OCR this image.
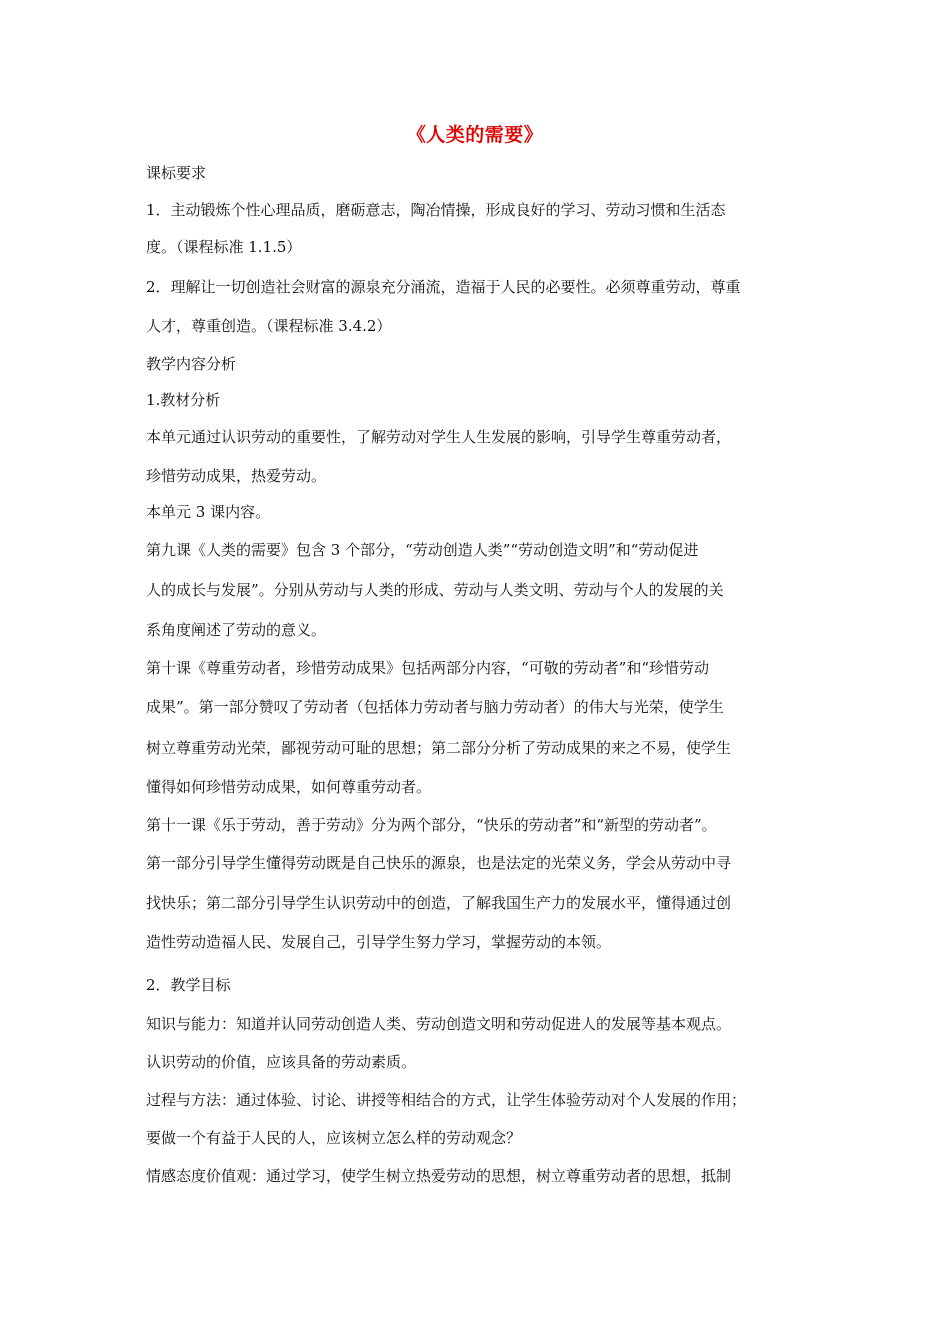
《人类的需要》
课标要求
1．主动锻炼个性心理品质，磨砺意志，陶冶情操，形成良好的学习、劳动习惯和生活态
度。（课程标准 1.1.5）
2．理解让一切创造社会财富的源泉充分涌流，造福于人民的必要性。必须尊重劳动，尊重
人才，尊重创造。（课程标准 3.4.2）
教学内容分析
1.教材分析
本单元通过认识劳动的重要性，了解劳动对学生人生发展的影响，引导学生尊重劳动者，
珍惜劳动成果，热爱劳动。
本单元 3 课内容。
第九课《人类的需要》包含 3 个部分，“劳动创造人类”“劳动创造文明”和“劳动促进
人的成长与发展”。分别从劳动与人类的形成、劳动与人类文明、劳动与个人的发展的关
系角度阐述了劳动的意义。
第十课《尊重劳动者，珍惜劳动成果》包括两部分内容，“可敬的劳动者”和“珍惜劳动
成果”。第一部分赞叹了劳动者（包括体力劳动者与脑力劳动者）的伟大与光荣，使学生
树立尊重劳动光荣，鄙视劳动可耻的思想；第二部分分析了劳动成果的来之不易，使学生
懂得如何珍惜劳动成果，如何尊重劳动者。
第十一课《乐于劳动，善于劳动》分为两个部分，“快乐的劳动者”和“新型的劳动者”。
第一部分引导学生懂得劳动既是自己快乐的源泉，也是法定的光荣义务，学会从劳动中寻
找快乐；第二部分引导学生认识劳动中的创造，了解我国生产力的发展水平，懂得通过创
造性劳动造福人民、发展自己，引导学生努力学习，掌握劳动的本领。
2．教学目标
知识与能力：知道并认同劳动创造人类、劳动创造文明和劳动促进人的发展等基本观点。
认识劳动的价值，应该具备的劳动素质。
过程与方法：通过体验、讨论、讲授等相结合的方式，让学生体验劳动对个人发展的作用；
要做一个有益于人民的人，应该树立怎么样的劳动观念？
情感态度价值观：通过学习，使学生树立热爱劳动的思想，树立尊重劳动者的思想，抵制
